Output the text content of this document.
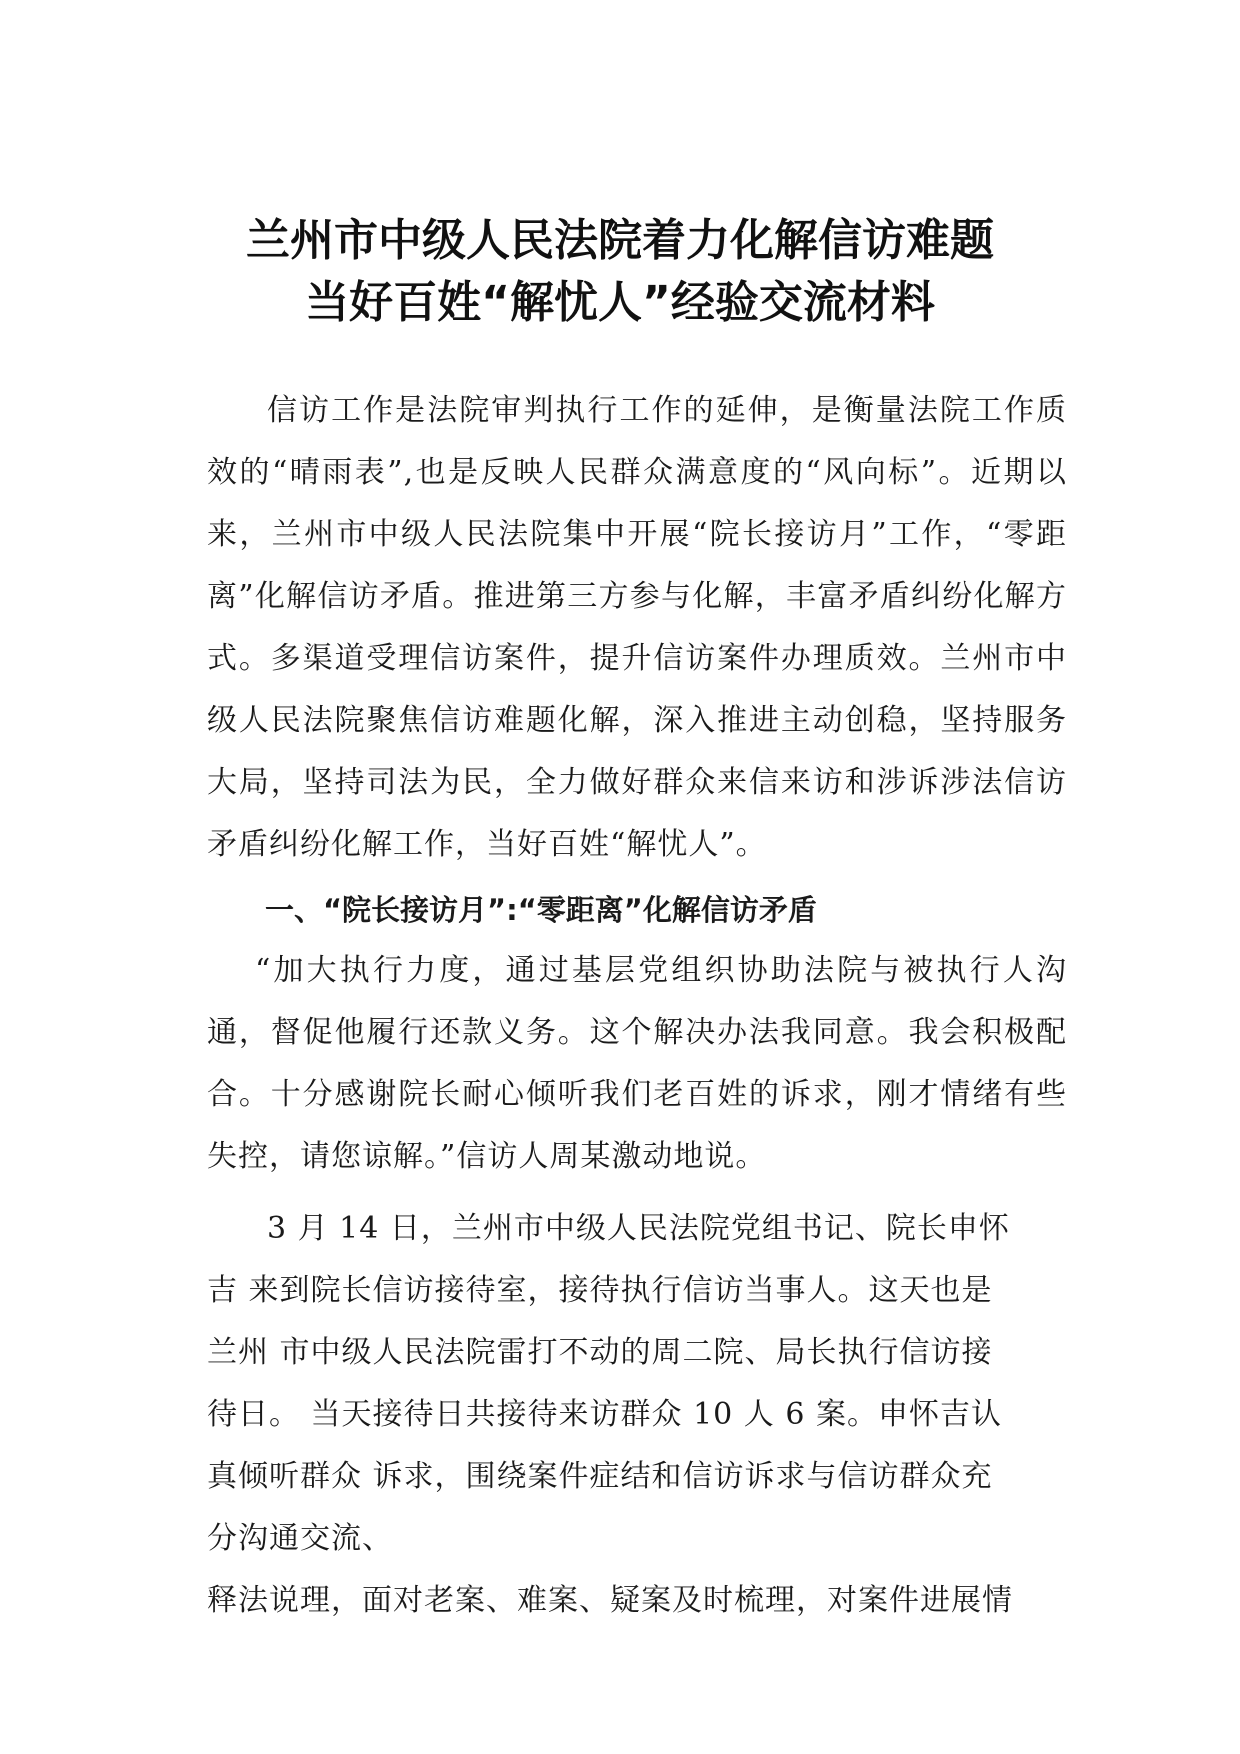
兰州市中级人民法院着力化解信访难题
当好百姓“解忧人”经验交流材料
信访工作是法院审判执行工作的延伸，是衡量法院工作质效的“晴雨表”,也是反映人民群众满意度的“风向标”。近期以来，兰州市中级人民法院集中开展“院长接访月”工作，“零距离”化解信访矛盾。推进第三方参与化解，丰富矛盾纠纷化解方式。多渠道受理信访案件，提升信访案件办理质效。兰州市中级人民法院聚焦信访难题化解，深入推进主动创稳，坚持服务大局，坚持司法为民，全力做好群众来信来访和涉诉涉法信访矛盾纠纷化解工作，当好百姓“解忧人”。
一、“院长接访月”:“零距离”化解信访矛盾
“加大执行力度，通过基层党组织协助法院与被执行人沟通，督促他履行还款义务。这个解决办法我同意。我会积极配合。十分感谢院长耐心倾听我们老百姓的诉求，刚才情绪有些失控，请您谅解。”信访人周某激动地说。
3 月 14 日，兰州市中级人民法院党组书记、院长申怀
吉 来到院长信访接待室，接待执行信访当事人。这天也是
兰州 市中级人民法院雷打不动的周二院、局长执行信访接
待日。 当天接待日共接待来访群众 10 人 6 案。申怀吉认
真倾听群众 诉求，围绕案件症结和信访诉求与信访群众充
分沟通交流、
释法说理，面对老案、难案、疑案及时梳理，对案件进展情
